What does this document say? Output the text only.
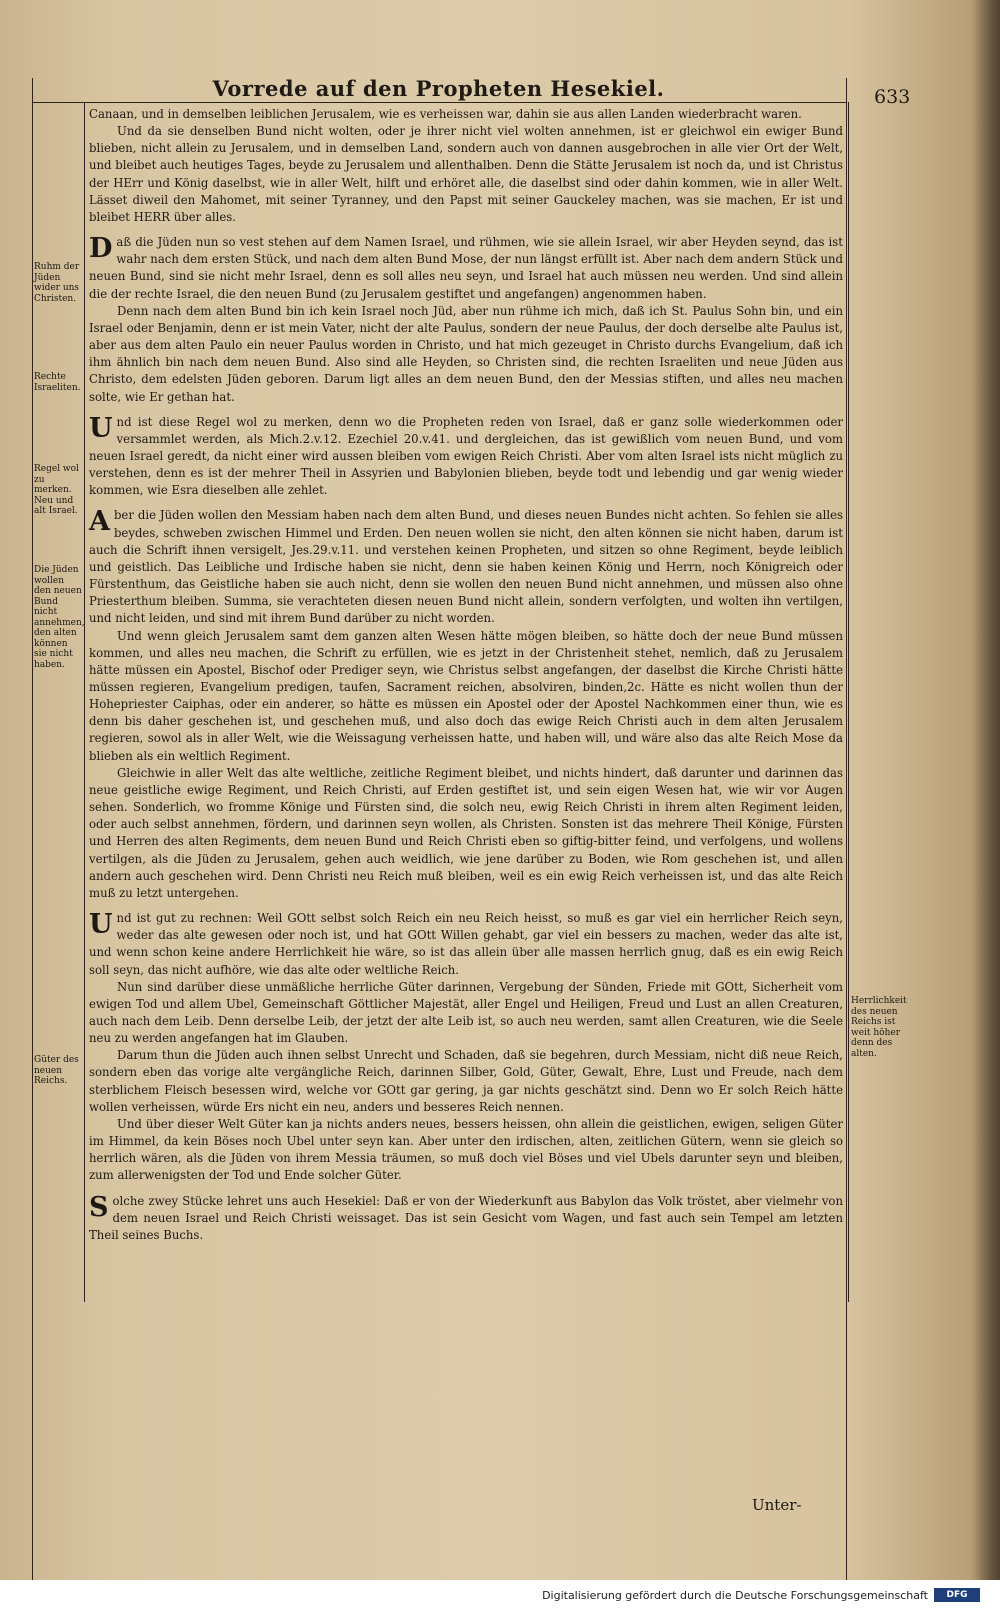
Vorrede auf den Propheten Hesekiel.	633

Canaan, und in demselben leiblichen Jerusalem, wie es verheissen war, dahin sie aus allen Landen wiederbracht waren.

Und da sie denselben Bund nicht wolten, oder je ihrer nicht viel wolten annehmen, ist er gleichwol ein ewiger Bund blieben, nicht allein zu Jerusalem, und in demselben Land, sondern auch von dannen ausgebrochen in alle vier Ort der Welt, und bleibet auch heutiges Tages, beyde zu Jerusalem und allenthalben. Denn die Stätte Jerusalem ist noch da, und ist Christus der HErr und König daselbst, wie in aller Welt, hilft und erhöret alle, die daselbst sind oder dahin kommen, wie in aller Welt. Lässet diweil den Mahomet, mit seiner Tyranney, und den Papst mit seiner Gauckeley machen, was sie machen, Er ist und bleibet HERR über alles.

Daß die Jüden nun so vest stehen auf dem Namen Israel, und rühmen, wie sie allein Israel, wir aber Heyden seynd, das ist wahr nach dem ersten Stück, und nach dem alten Bund Mose, der nun längst erfüllt ist. Aber nach dem andern Stück und neuen Bund, sind sie nicht mehr Israel, denn es soll alles neu seyn, und Israel hat auch müssen neu werden. Und sind allein die der rechte Israel, die den neuen Bund (zu Jerusalem gestiftet und angefangen) angenommen haben.

Denn nach dem alten Bund bin ich kein Israel noch Jüd, aber nun rühme ich mich, daß ich St. Paulus Sohn bin, und ein Israel oder Benjamin, denn er ist mein Vater, nicht der alte Paulus, sondern der neue Paulus, der doch derselbe alte Paulus ist, aber aus dem alten Paulo ein neuer Paulus worden in Christo, und hat mich gezeuget in Christo durchs Evangelium, daß ich ihm ähnlich bin nach dem neuen Bund. Also sind alle Heyden, so Christen sind, die rechten Israeliten und neue Jüden aus Christo, dem edelsten Jüden geboren. Darum ligt alles an dem neuen Bund, den der Messias stiften, und alles neu machen solte, wie Er gethan hat.

Und ist diese Regel wol zu merken, denn wo die Propheten reden von Israel, daß er ganz solle wiederkommen oder versammlet werden, als Mich.2.v.12. Ezechiel 20.v.41. und dergleichen, das ist gewißlich vom neuen Bund, und vom neuen Israel geredt, da nicht einer wird aussen bleiben vom ewigen Reich Christi. Aber vom alten Israel ists nicht müglich zu verstehen, denn es ist der mehrer Theil in Assyrien und Babylonien blieben, beyde todt und lebendig und gar wenig wieder kommen, wie Esra dieselben alle zehlet.

Aber die Jüden wollen den Messiam haben nach dem alten Bund, und dieses neuen Bundes nicht achten. So fehlen sie alles beydes, schweben zwischen Himmel und Erden. Den neuen wollen sie nicht, den alten können sie nicht haben, darum ist auch die Schrift ihnen versigelt, Jes.29.v.11. und verstehen keinen Propheten, und sitzen so ohne Regiment, beyde leiblich und geistlich. Das Leibliche und Irdische haben sie nicht, denn sie haben keinen König und Herrn, noch Königreich oder Fürstenthum, das Geistliche haben sie auch nicht, denn sie wollen den neuen Bund nicht annehmen, und müssen also ohne Priesterthum bleiben. Summa, sie verachteten diesen neuen Bund nicht allein, sondern verfolgten, und wolten ihn vertilgen, und nicht leiden, und sind mit ihrem Bund darüber zu nicht worden.

Und wenn gleich Jerusalem samt dem ganzen alten Wesen hätte mögen bleiben, so hätte doch der neue Bund müssen kommen, und alles neu machen, die Schrift zu erfüllen, wie es jetzt in der Christenheit stehet, nemlich, daß zu Jerusalem hätte müssen ein Apostel, Bischof oder Prediger seyn, wie Christus selbst angefangen, der daselbst die Kirche Christi hätte müssen regieren, Evangelium predigen, taufen, Sacrament reichen, absolviren, binden,2c. Hätte es nicht wollen thun der Hohepriester Caiphas, oder ein anderer, so hätte es müssen ein Apostel oder der Apostel Nachkommen einer thun, wie es denn bis daher geschehen ist, und geschehen muß, und also doch das ewige Reich Christi auch in dem alten Jerusalem regieren, sowol als in aller Welt, wie die Weissagung verheissen hatte, und haben will, und wäre also das alte Reich Mose da blieben als ein weltlich Regiment.

Gleichwie in aller Welt das alte weltliche, zeitliche Regiment bleibet, und nichts hindert, daß darunter und darinnen das neue geistliche ewige Regiment, und Reich Christi, auf Erden gestiftet ist, und sein eigen Wesen hat, wie wir vor Augen sehen. Sonderlich, wo fromme Könige und Fürsten sind, die solch neu, ewig Reich Christi in ihrem alten Regiment leiden, oder auch selbst annehmen, fördern, und darinnen seyn wollen, als Christen. Sonsten ist das mehrere Theil Könige, Fürsten und Herren des alten Regiments, dem neuen Bund und Reich Christi eben so giftig-bitter feind, und verfolgens, und wollens vertilgen, als die Jüden zu Jerusalem, gehen auch weidlich, wie jene darüber zu Boden, wie Rom geschehen ist, und allen andern auch geschehen wird. Denn Christi neu Reich muß bleiben, weil es ein ewig Reich verheissen ist, und das alte Reich muß zu letzt untergehen.

Und ist gut zu rechnen: Weil GOtt selbst solch Reich ein neu Reich heisst, so muß es gar viel ein herrlicher Reich seyn, weder das alte gewesen oder noch ist, und hat GOtt Willen gehabt, gar viel ein bessers zu machen, weder das alte ist, und wenn schon keine andere Herrlichkeit hie wäre, so ist das allein über alle massen herrlich gnug, daß es ein ewig Reich soll seyn, das nicht aufhöre, wie das alte oder weltliche Reich.

Nun sind darüber diese unmäßliche herrliche Güter darinnen, Vergebung der Sünden, Friede mit GOtt, Sicherheit vom ewigen Tod und allem Ubel, Gemeinschaft Göttlicher Majestät, aller Engel und Heiligen, Freud und Lust an allen Creaturen, auch nach dem Leib. Denn derselbe Leib, der jetzt der alte Leib ist, so auch neu werden, samt allen Creaturen, wie die Seele neu zu werden angefangen hat im Glauben.

Darum thun die Jüden auch ihnen selbst Unrecht und Schaden, daß sie begehren, durch Messiam, nicht diß neue Reich, sondern eben das vorige alte vergängliche Reich, darinnen Silber, Gold, Güter, Gewalt, Ehre, Lust und Freude, nach dem sterblichem Fleisch besessen wird, welche vor GOtt gar gering, ja gar nichts geschätzt sind. Denn wo Er solch Reich hätte wollen verheissen, würde Ers nicht ein neu, anders und besseres Reich nennen.

Und über dieser Welt Güter kan ja nichts anders neues, bessers heissen, ohn allein die geistlichen, ewigen, seligen Güter im Himmel, da kein Böses noch Ubel unter seyn kan. Aber unter den irdischen, alten, zeitlichen Gütern, wenn sie gleich so herrlich wären, als die Jüden von ihrem Messia träumen, so muß doch viel Böses und viel Ubels darunter seyn und bleiben, zum allerwenigsten der Tod und Ende solcher Güter.

Solche zwey Stücke lehret uns auch Hesekiel: Daß er von der Wiederkunft aus Babylon das Volk tröstet, aber vielmehr von dem neuen Israel und Reich Christi weissaget. Das ist sein Gesicht vom Wagen, und fast auch sein Tempel am letzten Theil seines Buchs.

Ruhm der Jüden wider uns Christen.
Rechte Israeliten.
Regel wol zu merken. Neu und alt Israel.
Die Jüden wollen den neuen Bund nicht annehmen, den alten können sie nicht haben.
Güter des neuen Reichs.
Herrlichkeit des neuen Reichs ist weit höher denn des alten.
Unter-
Digitalisierung gefördert durch die Deutsche Forschungsgemeinschaft	DFG
